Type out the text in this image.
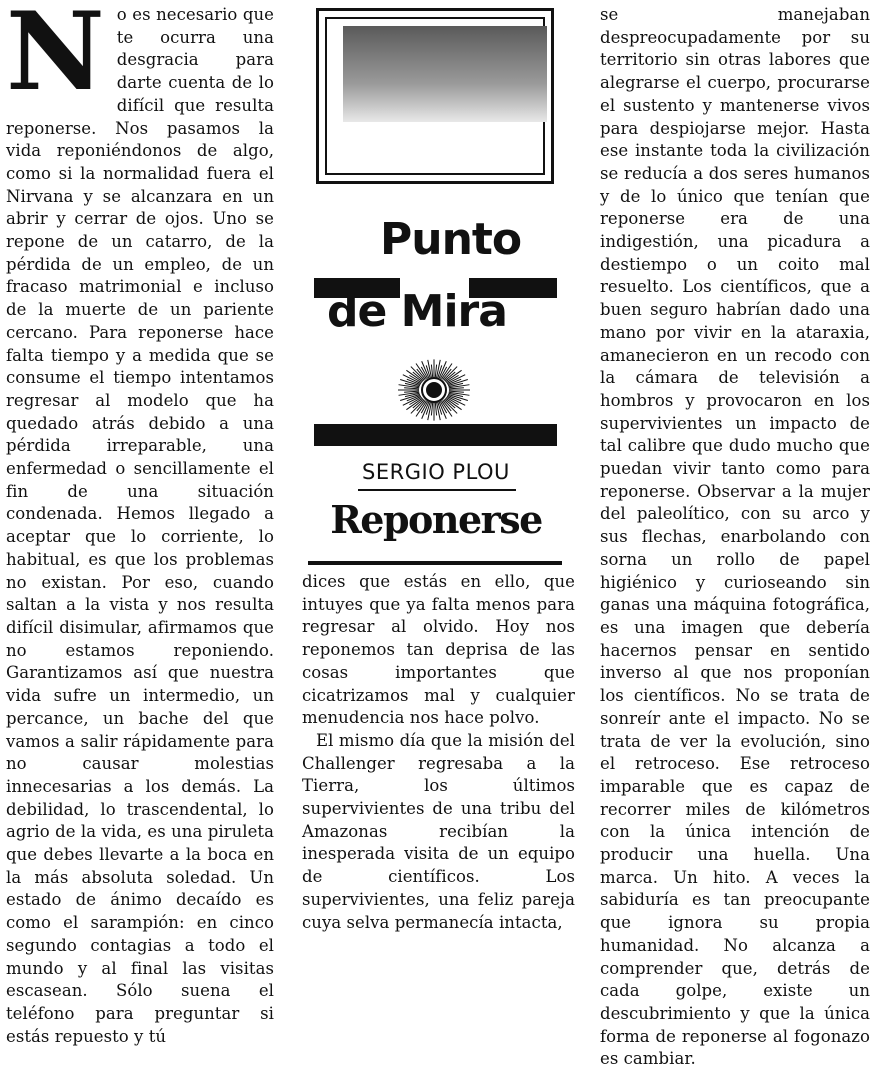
No es necesario que te ocurra una desgracia para darte cuenta de lo difícil que resulta reponerse. Nos pasamos la vida reponiéndonos de algo, como si la normalidad fuera el Nirvana y se alcanzara en un abrir y cerrar de ojos. Uno se repone de un catarro, de la pérdida de un empleo, de un fracaso matrimonial e incluso de la muerte de un pariente cercano. Para reponerse hace falta tiempo y a medida que se consume el tiempo intentamos regresar al modelo que ha quedado atrás debido a una pérdida irreparable, una enfermedad o sencillamente el fin de una situación condenada. Hemos llegado a aceptar que lo corriente, lo habitual, es que los problemas no existan. Por eso, cuando saltan a la vista y nos resulta difícil disimular, afirmamos que no estamos reponiendo. Garantizamos así que nuestra vida sufre un intermedio, un percance, un bache del que vamos a salir rápidamente para no causar molestias innecesarias a los demás. La debilidad, lo trascendental, lo agrio de la vida, es una piruleta que debes llevarte a la boca en la más absoluta soledad. Un estado de ánimo decaído es como el sarampión: en cinco segundo contagias a todo el mundo y al final las visitas escasean. Sólo suena el teléfono para preguntar si estás repuesto y tú
Punto
de Mira
SERGIO PLOU
Reponerse

dices que estás en ello, que intuyes que ya falta menos para regresar al olvido. Hoy nos reponemos tan deprisa de las cosas importantes que cicatrizamos mal y cualquier menudencia nos hace polvo.

El mismo día que la misión del Challenger regresaba a la Tierra, los últimos supervivientes de una tribu del Amazonas recibían la inesperada visita de un equipo de científicos. Los supervivientes, una feliz pareja cuya selva permanecía intacta,

se manejaban despreocupadamente por su territorio sin otras labores que alegrarse el cuerpo, procurarse el sustento y mantenerse vivos para despiojarse mejor. Hasta ese instante toda la civilización se reducía a dos seres humanos y de lo único que tenían que reponerse era de una indigestión, una picadura a destiempo o un coito mal resuelto. Los científicos, que a buen seguro habrían dado una mano por vivir en la ataraxia, amanecieron en un recodo con la cámara de televisión a hombros y provocaron en los supervivientes un impacto de tal calibre que dudo mucho que puedan vivir tanto como para reponerse. Observar a la mujer del paleolítico, con su arco y sus flechas, enarbolando con sorna un rollo de papel higiénico y curioseando sin ganas una máquina fotográfica, es una imagen que debería hacernos pensar en sentido inverso al que nos proponían los científicos. No se trata de sonreír ante el impacto. No se trata de ver la evolución, sino el retroceso. Ese retroceso imparable que es capaz de recorrer miles de kilómetros con la única intención de producir una huella. Una marca. Un hito. A veces la sabiduría es tan preocupante que ignora su propia humanidad. No alcanza a comprender que, detrás de cada golpe, existe un descubrimiento y que la única forma de reponerse al fogonazo es cambiar.
